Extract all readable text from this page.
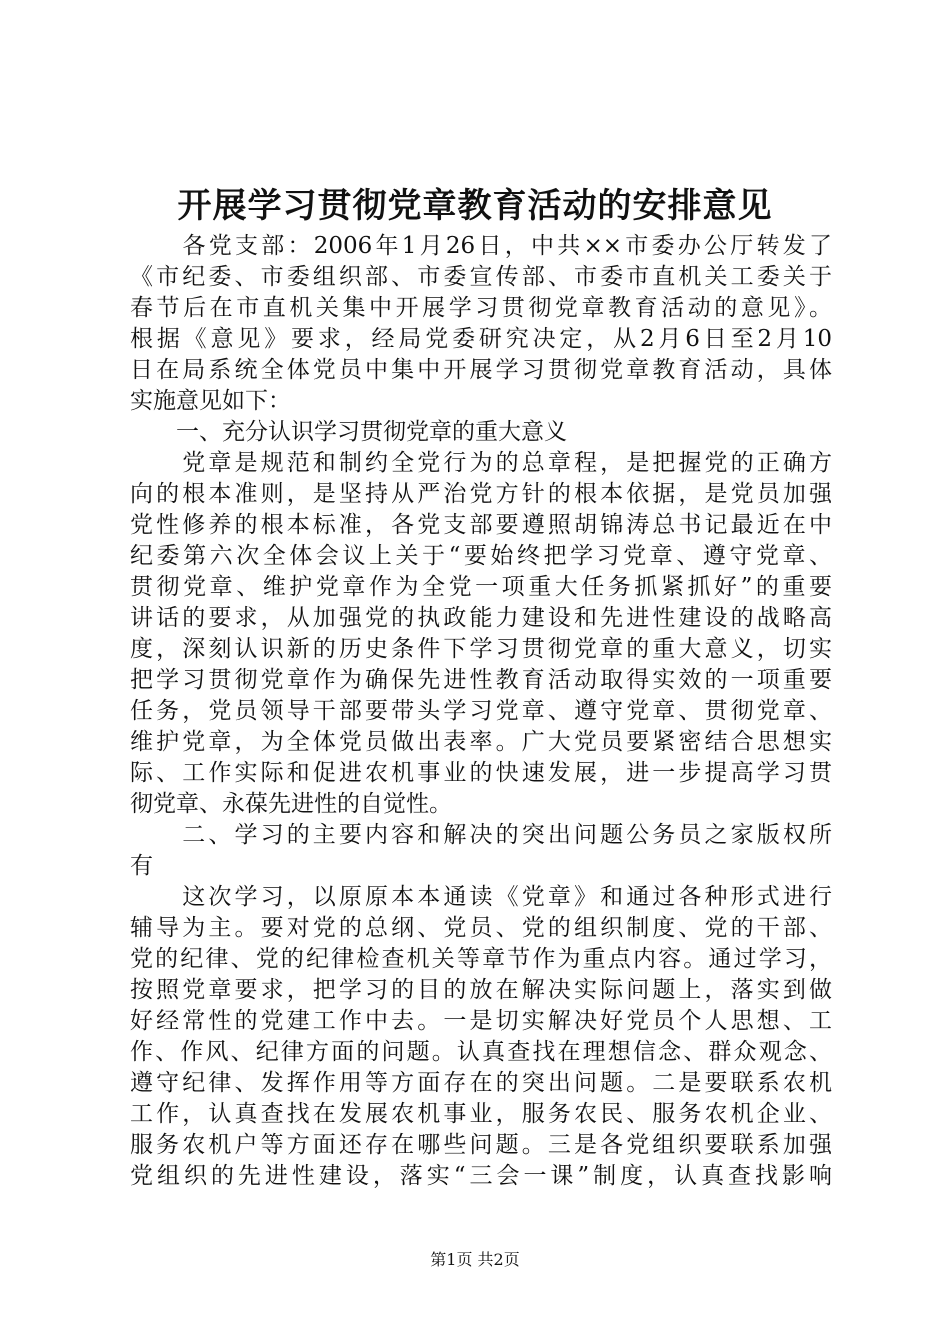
开展学习贯彻党章教育活动的安排意见
　　各党支部：2006年1月26日，中共××市委办公厅转发了
《市纪委、市委组织部、市委宣传部、市委市直机关工委关于
春节后在市直机关集中开展学习贯彻党章教育活动的意见》。
根据《意见》要求，经局党委研究决定，从2月6日至2月10
日在局系统全体党员中集中开展学习贯彻党章教育活动，具体
实施意见如下：
　　一、充分认识学习贯彻党章的重大意义
　　党章是规范和制约全党行为的总章程，是把握党的正确方
向的根本准则，是坚持从严治党方针的根本依据，是党员加强
党性修养的根本标准，各党支部要遵照胡锦涛总书记最近在中
纪委第六次全体会议上关于“要始终把学习党章、遵守党章、
贯彻党章、维护党章作为全党一项重大任务抓紧抓好”的重要
讲话的要求，从加强党的执政能力建设和先进性建设的战略高
度，深刻认识新的历史条件下学习贯彻党章的重大意义，切实
把学习贯彻党章作为确保先进性教育活动取得实效的一项重要
任务，党员领导干部要带头学习党章、遵守党章、贯彻党章、
维护党章，为全体党员做出表率。广大党员要紧密结合思想实
际、工作实际和促进农机事业的快速发展，进一步提高学习贯
彻党章、永葆先进性的自觉性。
　　二、学习的主要内容和解决的突出问题公务员之家版权所
有
　　这次学习，以原原本本通读《党章》和通过各种形式进行
辅导为主。要对党的总纲、党员、党的组织制度、党的干部、
党的纪律、党的纪律检查机关等章节作为重点内容。通过学习，
按照党章要求，把学习的目的放在解决实际问题上，落实到做
好经常性的党建工作中去。一是切实解决好党员个人思想、工
作、作风、纪律方面的问题。认真查找在理想信念、群众观念、
遵守纪律、发挥作用等方面存在的突出问题。二是要联系农机
工作，认真查找在发展农机事业，服务农民、服务农机企业、
服务农机户等方面还存在哪些问题。三是各党组织要联系加强
党组织的先进性建设，落实“三会一课”制度，认真查找影响
第1页 共2页
